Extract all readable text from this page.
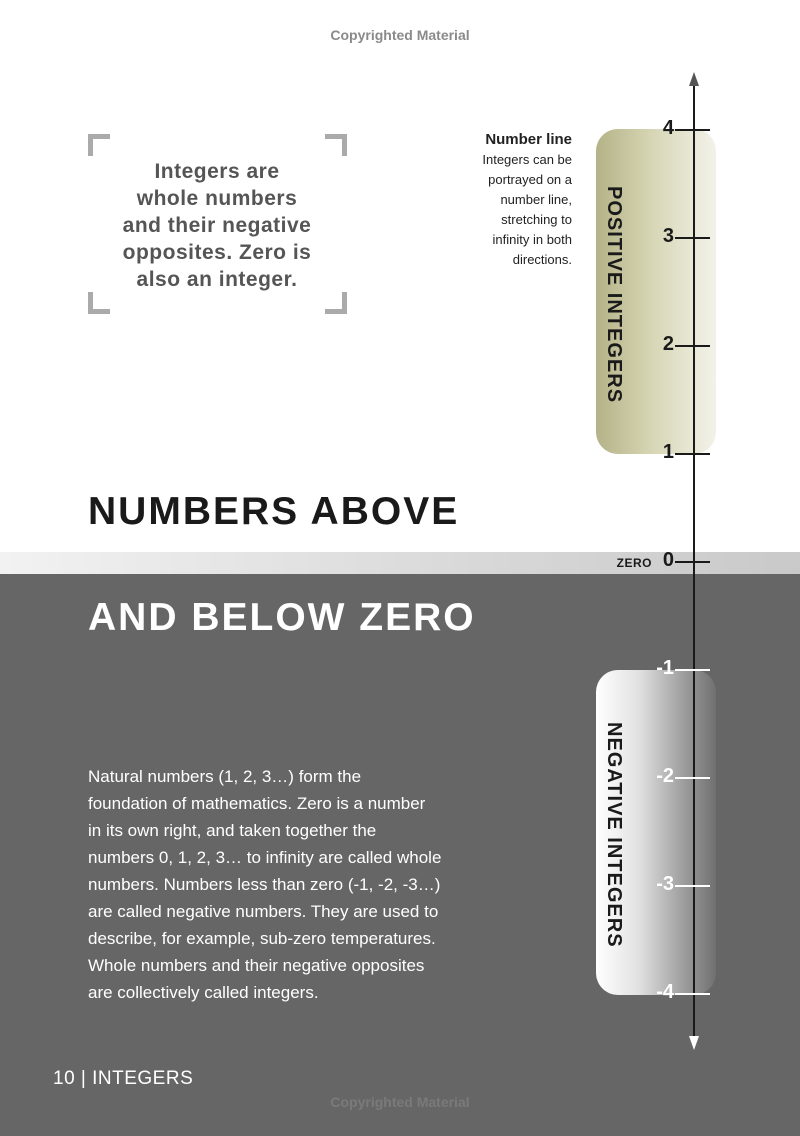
Copyrighted Material
Integers are
whole numbers
and their negative
opposites. Zero is
also an integer.
Number line
Integers can be
portrayed on a
number line,
stretching to
infinity in both
directions.
NUMBERS ABOVE
AND BELOW ZERO
Natural numbers (1, 2, 3…) form the
foundation of mathematics. Zero is a number
in its own right, and taken together the
numbers 0, 1, 2, 3… to infinity are called whole
numbers. Numbers less than zero (-1, -2, -3…)
are called negative numbers. They are used to
describe, for example, sub-zero temperatures.
Whole numbers and their negative opposites
are collectively called integers.
POSITIVE INTEGERS
NEGATIVE INTEGERS
4
3
2
1
0
-1
-2
-3
-4
ZERO
10 | INTEGERS
Copyrighted Material
